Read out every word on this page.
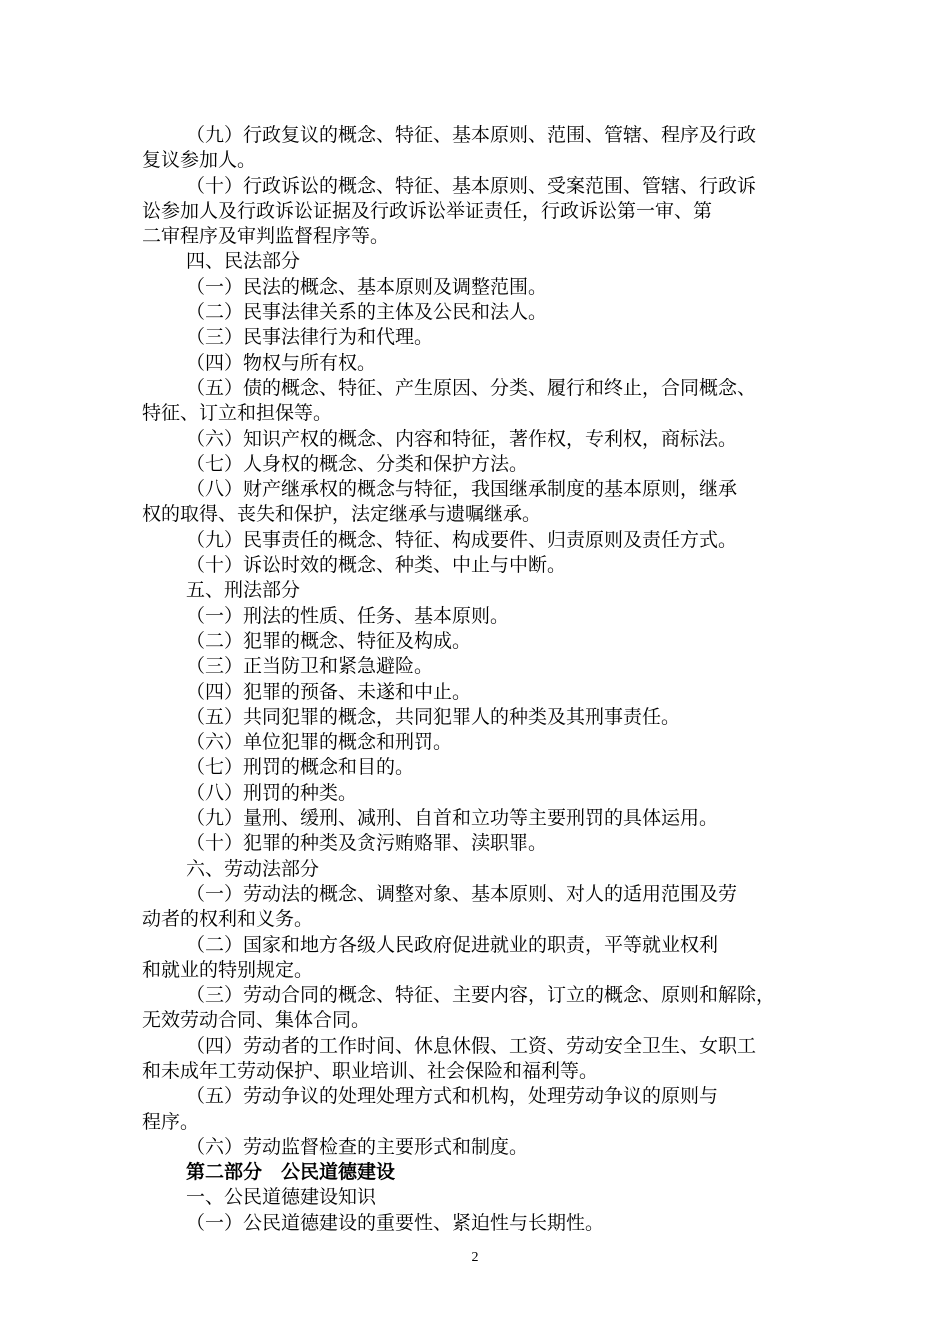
（九）行政复议的概念、特征、基本原则、范围、管辖、程序及行政
复议参加人。
（十）行政诉讼的概念、特征、基本原则、受案范围、管辖、行政诉
讼参加人及行政诉讼证据及行政诉讼举证责任，行政诉讼第一审、第
二审程序及审判监督程序等。
四、民法部分
（一）民法的概念、基本原则及调整范围。
（二）民事法律关系的主体及公民和法人。
（三）民事法律行为和代理。
（四）物权与所有权。
（五）债的概念、特征、产生原因、分类、履行和终止，合同概念、
特征、订立和担保等。
（六）知识产权的概念、内容和特征，著作权，专利权，商标法。
（七）人身权的概念、分类和保护方法。
（八）财产继承权的概念与特征，我国继承制度的基本原则，继承
权的取得、丧失和保护，法定继承与遗嘱继承。
（九）民事责任的概念、特征、构成要件、归责原则及责任方式。
（十）诉讼时效的概念、种类、中止与中断。
五、刑法部分
（一）刑法的性质、任务、基本原则。
（二）犯罪的概念、特征及构成。
（三）正当防卫和紧急避险。
（四）犯罪的预备、未遂和中止。
（五）共同犯罪的概念，共同犯罪人的种类及其刑事责任。
（六）单位犯罪的概念和刑罚。
（七）刑罚的概念和目的。
（八）刑罚的种类。
（九）量刑、缓刑、减刑、自首和立功等主要刑罚的具体运用。
（十）犯罪的种类及贪污贿赂罪、渎职罪。
六、劳动法部分
（一）劳动法的概念、调整对象、基本原则、对人的适用范围及劳
动者的权利和义务。
（二）国家和地方各级人民政府促进就业的职责，平等就业权利
和就业的特别规定。
（三）劳动合同的概念、特征、主要内容，订立的概念、原则和解除，
无效劳动合同、集体合同。
（四）劳动者的工作时间、休息休假、工资、劳动安全卫生、女职工
和未成年工劳动保护、职业培训、社会保险和福利等。
（五）劳动争议的处理处理方式和机构，处理劳动争议的原则与
程序。
（六）劳动监督检查的主要形式和制度。
第二部分　公民道德建设
一、公民道德建设知识
（一）公民道德建设的重要性、紧迫性与长期性。
2
